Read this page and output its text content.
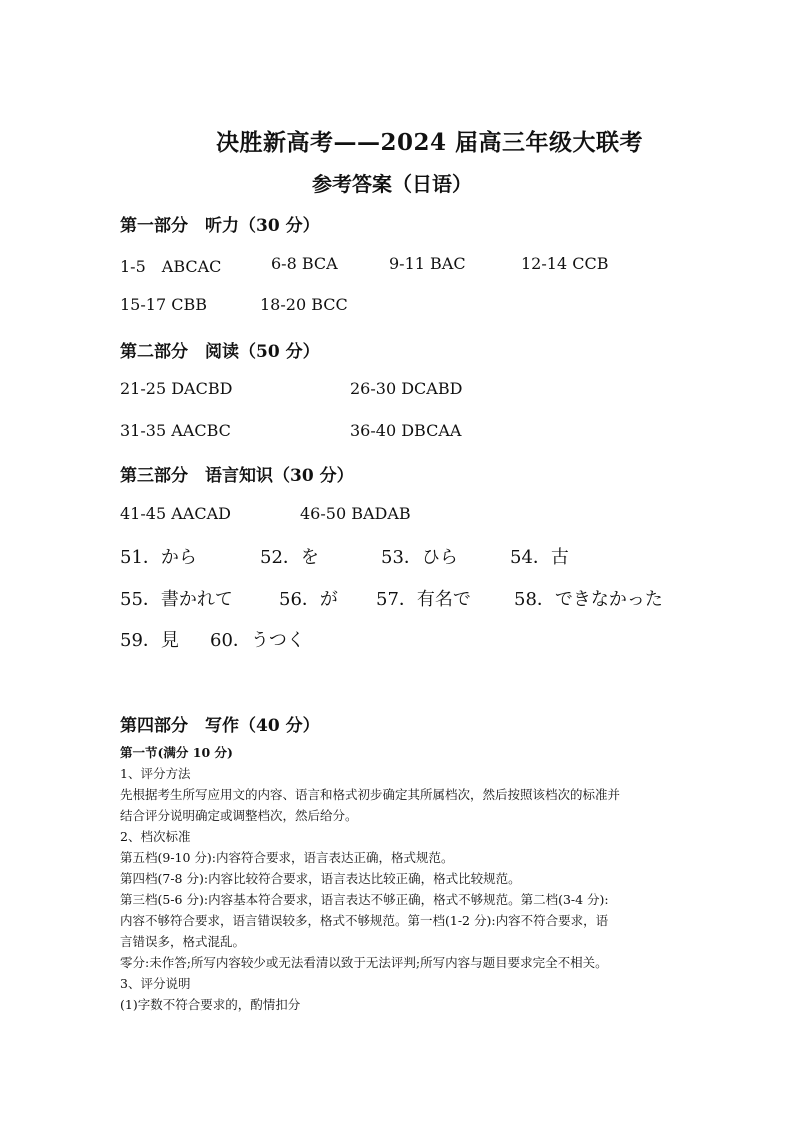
决胜新高考——2024 届高三年级大联考
参考答案（日语）
第一部分　听力（30 分）
1-5　ABCAC	6-8 BCA	9-11 BAC	12-14 CCB
15-17 CBB	18-20 BCC
第二部分　阅读（50 分）
21-25 DACBD	26-30 DCABD
31-35 AACBC	36-40 DBCAA
第三部分　语言知识（30 分）
41-45 AACAD	46-50 BADAB
51．から	52．を	53．ひら	54．古
55．書かれて	56．が 57．有名で 58．できなかった
59．見 60．うつく
第四部分　写作（40 分）
第一节(满分 10 分)
1、评分方法
先根据考生所写应用文的内容、语言和格式初步确定其所属档次，然后按照该档次的标准并
结合评分说明确定或调整档次，然后给分。
2、档次标准
第五档(9-10 分):内容符合要求，语言表达正确，格式规范。
第四档(7-8 分):内容比较符合要求，语言表达比较正确，格式比较规范。
第三档(5-6 分):内容基本符合要求，语言表达不够正确，格式不够规范。第二档(3-4 分):
内容不够符合要求，语言错误较多，格式不够规范。第一档(1-2 分):内容不符合要求，语
言错误多，格式混乱。
零分:未作答;所写内容较少或无法看清以致于无法评判;所写内容与题目要求完全不相关。
3、评分说明
(1)字数不符合要求的，酌情扣分
